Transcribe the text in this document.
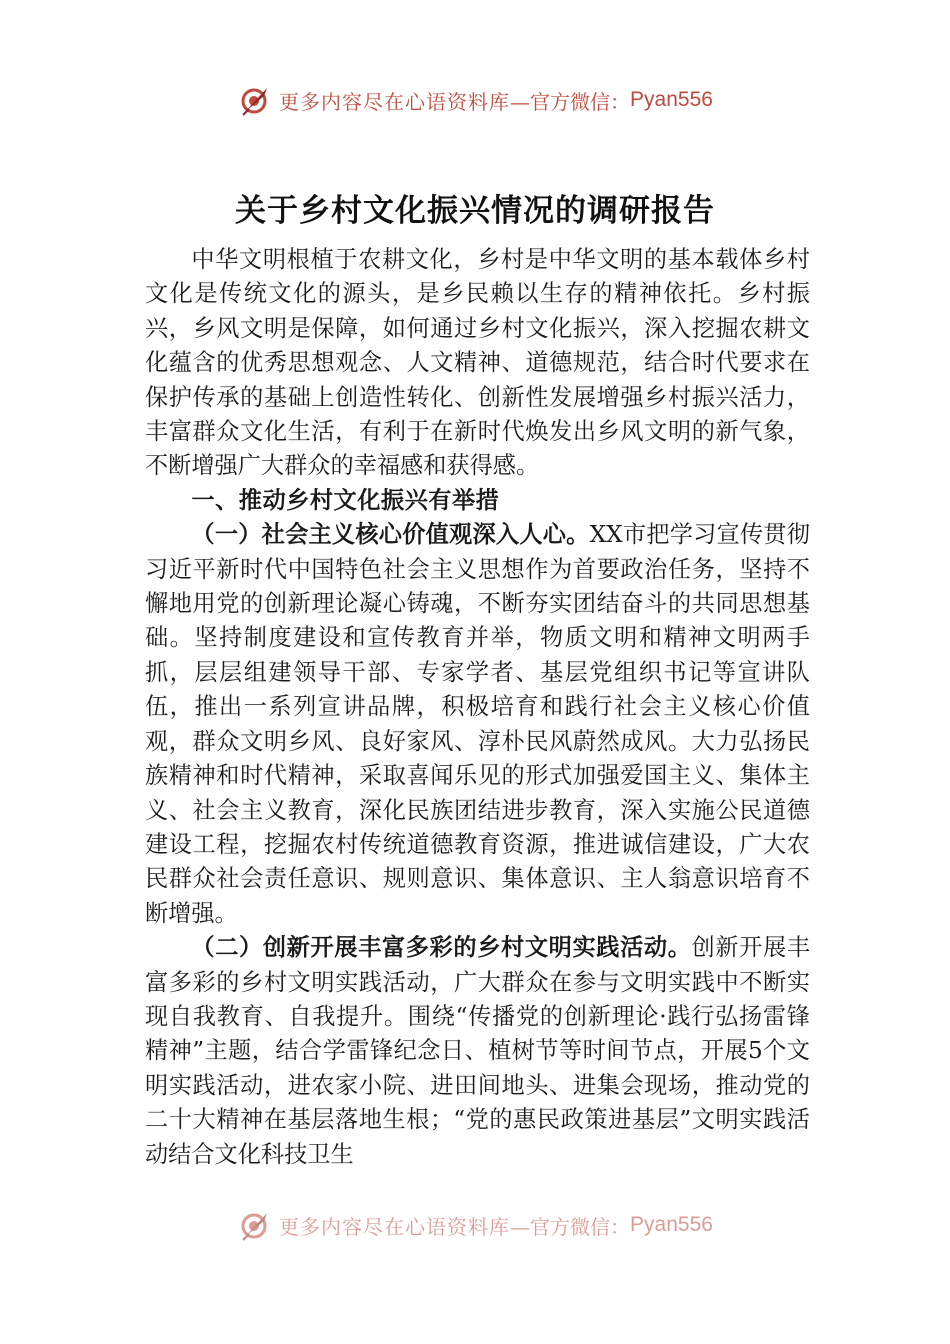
更多内容尽在心语资料库 —官方微信： Pyan556
关于乡村文化振兴情况的调研报告

中华文明根植于农耕文化，乡村是中华文明的基本载体乡村文化是传统文化的源头，是乡民赖以生存的精神依托。乡村振兴，乡风文明是保障，如何通过乡村文化振兴，深入挖掘农耕文化蕴含的优秀思想观念、人文精神、道德规范，结合时代要求在保护传承的基础上创造性转化、创新性发展增强乡村振兴活力，丰富群众文化生活，有利于在新时代焕发出乡风文明的新气象，不断增强广大群众的幸福感和获得感。

一、推动乡村文化振兴有举措

（一）社会主义核心价值观深入人心。XX市把学习宣传贯彻习近平新时代中国特色社会主义思想作为首要政治任务，坚持不懈地用党的创新理论凝心铸魂，不断夯实团结奋斗的共同思想基础。坚持制度建设和宣传教育并举，物质文明和精神文明两手抓，层层组建领导干部、专家学者、基层党组织书记等宣讲队伍，推出一系列宣讲品牌，积极培育和践行社会主义核心价值观，群众文明乡风、良好家风、淳朴民风蔚然成风。大力弘扬民族精神和时代精神，采取喜闻乐见的形式加强爱国主义、集体主义、社会主义教育，深化民族团结进步教育，深入实施公民道德建设工程，挖掘农村传统道德教育资源，推进诚信建设，广大农民群众社会责任意识、规则意识、集体意识、主人翁意识培育不断增强。

（二）创新开展丰富多彩的乡村文明实践活动。创新开展丰富多彩的乡村文明实践活动，广大群众在参与文明实践中不断实现自我教育、自我提升。围绕“传播党的创新理论·践行弘扬雷锋精神”主题，结合学雷锋纪念日、植树节等时间节点，开展5个文明实践活动，进农家小院、进田间地头、进集会现场，推动党的二十大精神在基层落地生根；“党的惠民政策进基层”文明实践活动结合文化科技卫生

更多内容尽在心语资料库 —官方微信： Pyan556
